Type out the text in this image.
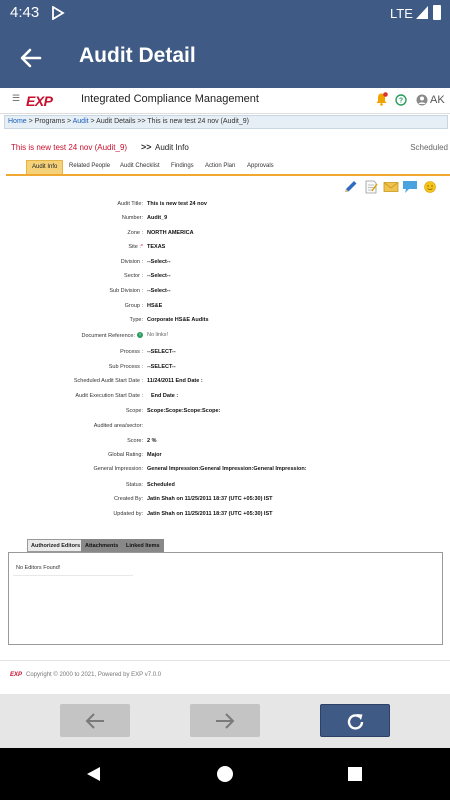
4:43	LTE
Audit Detail
☰ EXP	Integrated Compliance Management	? AK
Home > Programs > Audit > Audit Details >> This is new test 24 nov (Audit_9)
This is new test 24 nov (Audit_9) >> Audit Info	Scheduled
Audit Info	Related People Audit Checklist Findings Action Plan Approvals
Audit Title: This is new test 24 nov
Number: Audit_9
Zone : NORTH AMERICA
Site :* TEXAS
Division : --Select--
Sector : --Select--
Sub Division : --Select--
Group : HS&E
Type: Corporate HS&E Audits
Document Reference: ?	No links!
Process : --SELECT--
Sub Process : --SELECT--
Scheduled Audit Start Date : 11/24/2011 End Date :
Audit Execution Start Date : End Date :
Scope: Scope:Scope:Scope:Scope:
Audited area/sector:
Score: 2 %
Global Rating: Major
General Impression: General Impression:General Impression:General Impression:
Status: Scheduled
Created By: Jatin Shah on 11/25/2011 18:37 (UTC +05:30) IST
Updated by: Jatin Shah on 11/25/2011 18:37 (UTC +05:30) IST
Authorized Editors Attachments	Linked Items
No Editors Found!
EXP Copyright © 2000 to 2021, Powered by EXP v7.0.0
